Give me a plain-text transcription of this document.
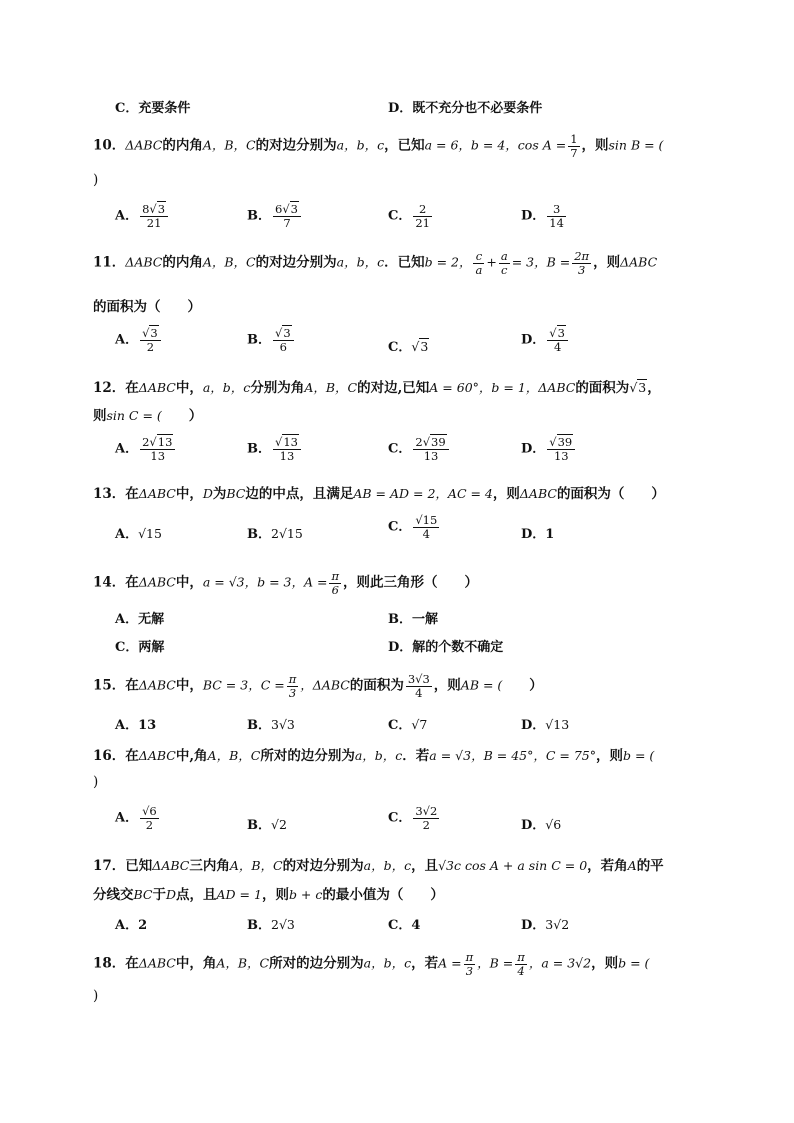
C．充要条件	D．既不充分也不必要条件
10．ΔABC的内角A，B，C的对边分别为a，b，c，已知a = 6，b = 4，$\cos A = \frac{1}{7}$ ，则sin B = (
)
A． $\frac{8√3}{21}$	B． $\frac{6√3}{7}$	C． $\frac{2}{21}$	D． $\frac{3}{14}$
11．ΔABC的内角A，B，C的对边分别为a，b，c．已知b = 2， $\frac{c}{a} + \frac{a}{c} = 3$，$B = \frac{2\pi}{3}$ ，则ΔABC
的面积为（　　）
A． $\frac{√3}{2}$	B． $\frac{√3}{6}$	C．√3	D． $\frac{√3}{4}$
12．在ΔABC中，a，b，c分别为角A，B，C的对边,已知A = 60°，b = 1，ΔABC的面积为√3，
则sin C = (　　）
A． $\frac{2√13}{13}$	B． $\frac{√13}{13}$	C． $\frac{2√39}{13}$	D． $\frac{√39}{13}$
13．在ΔABC中，D为BC边的中点，且满足AB = AD = 2，AC = 4，则ΔABC的面积为（　　）
A．√15	B．2√15	C． $\frac{√15}{4}$	D．1
14．在ΔABC中，a = √3，b = 3，$A = \frac{\pi}{6}$ ，则此三角形（　　）
A．无解	B．一解
C．两解	D．解的个数不确定
15．在ΔABC中，BC = 3，$C = \frac{\pi}{3}$ ，ΔABC的面积为 $\frac{3√3}{4}$ ，则AB = (　　）
A．13	B．3√3	C．√7	D．√13
16．在ΔABC中,角A，B，C所对的边分别为a，b，c．若a = √3，B = 45°，C = 75°，则b = (
)
A． $\frac{√6}{2}$	B．√2	C． $\frac{3√2}{2}$	D．√6
17．已知ΔABC三内角A，B，C的对边分别为a，b，c，且√3c cos A + a sin C = 0，若角A的平
分线交BC于D点，且AD = 1，则b + c的最小值为（　　）
A．2	B．2√3	C．4	D．3√2
18．在ΔABC中，角A，B，C所对的边分别为a，b，c，若$A = \frac{\pi}{3}$ ，$B = \frac{\pi}{4}$ ，a = 3√2，则b = (
)
